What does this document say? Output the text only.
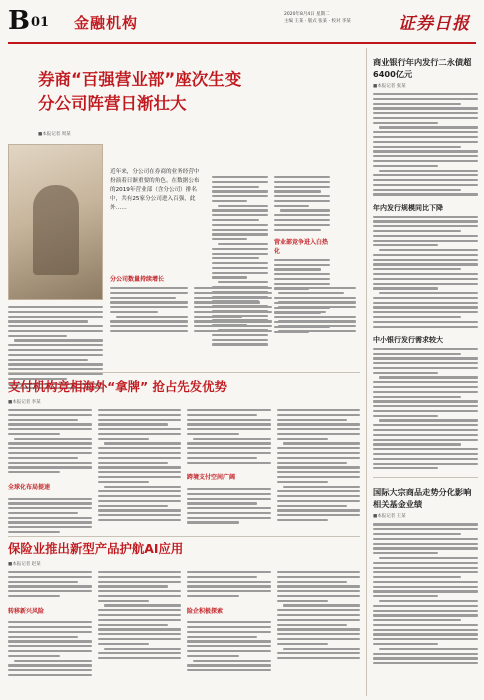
B01 金融机构	2020年8月4日 星期二
主编 王某 · 版式 张某 · 校对 李某	证券日报
券商“百强营业部”座次生变
分公司阵营日渐壮大
■本报记者 周某
近年来，分公司在券商的业务经营中扮演着日渐重要的角色。在数据公布的2019年营业部（含分公司）排名中，共有25家分公司进入百强，此外……
营业部竞争进入白热化
分公司数量持续增长
支付机构竞相海外“拿牌” 抢占先发优势
■本报记者 李某
全球化布局提速
跨境支付空间广阔
保险业推出新型产品护航AI应用
■本报记者 赵某
转移新兴风险	险企积极探索
商业银行年内发行二永债超6400亿元
■本报记者 张某
年内发行规模同比下降
中小银行发行需求较大
国际大宗商品走势分化影响相关基金业绩
■本报记者 王某
